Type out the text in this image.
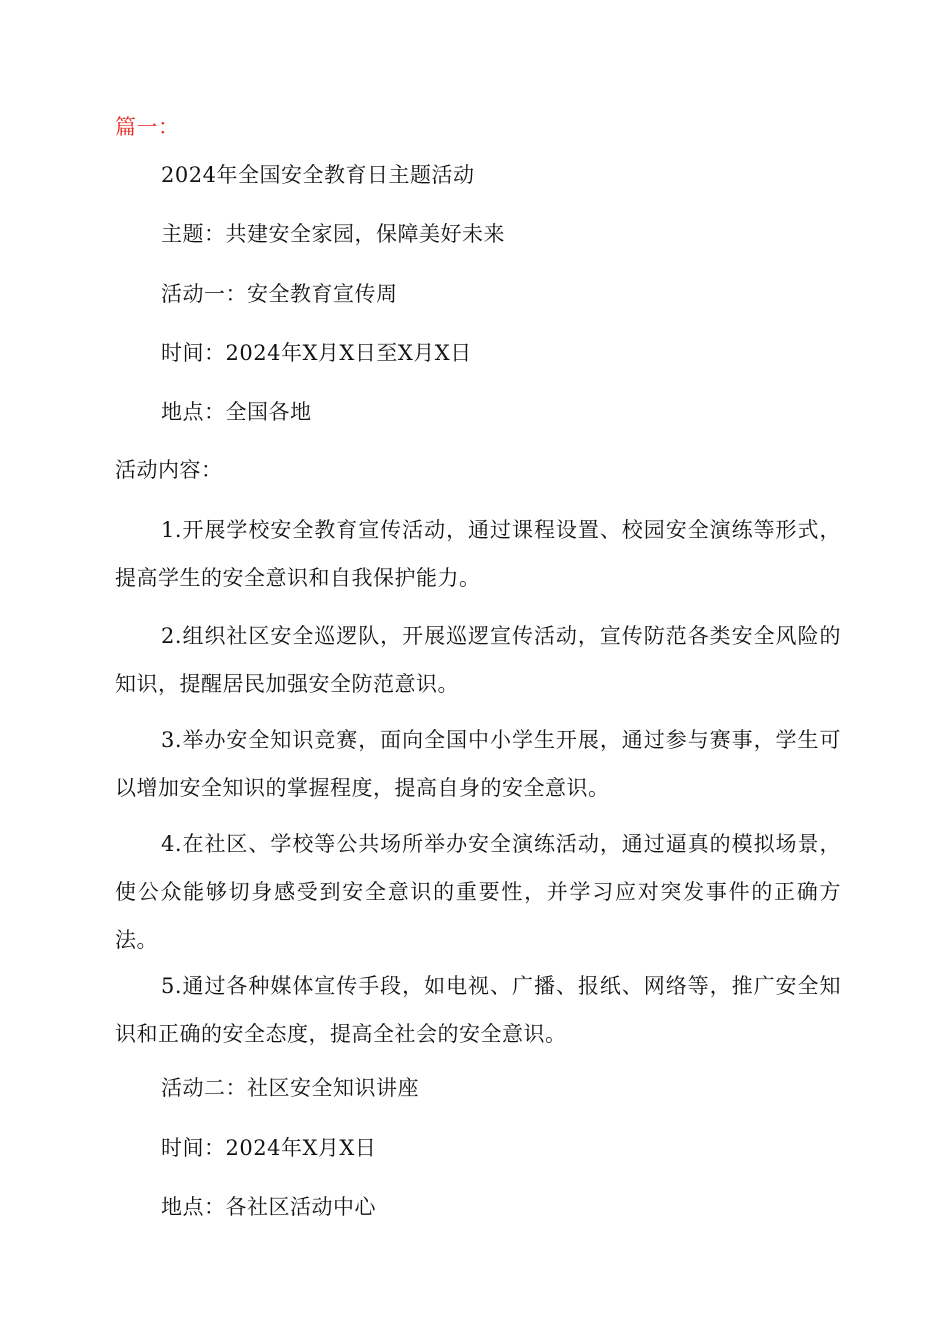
篇一：
2024年全国安全教育日主题活动
主题：共建安全家园，保障美好未来
活动一：安全教育宣传周
时间：2024年X月X日至X月X日
地点：全国各地
活动内容：
1.开展学校安全教育宣传活动，通过课程设置、校园安全演练等形式，提高学生的安全意识和自我保护能力。
2.组织社区安全巡逻队，开展巡逻宣传活动，宣传防范各类安全风险的知识，提醒居民加强安全防范意识。
3.举办安全知识竞赛，面向全国中小学生开展，通过参与赛事，学生可以增加安全知识的掌握程度，提高自身的安全意识。
4.在社区、学校等公共场所举办安全演练活动，通过逼真的模拟场景，使公众能够切身感受到安全意识的重要性，并学习应对突发事件的正确方法。
5.通过各种媒体宣传手段，如电视、广播、报纸、网络等，推广安全知识和正确的安全态度，提高全社会的安全意识。
活动二：社区安全知识讲座
时间：2024年X月X日
地点：各社区活动中心
